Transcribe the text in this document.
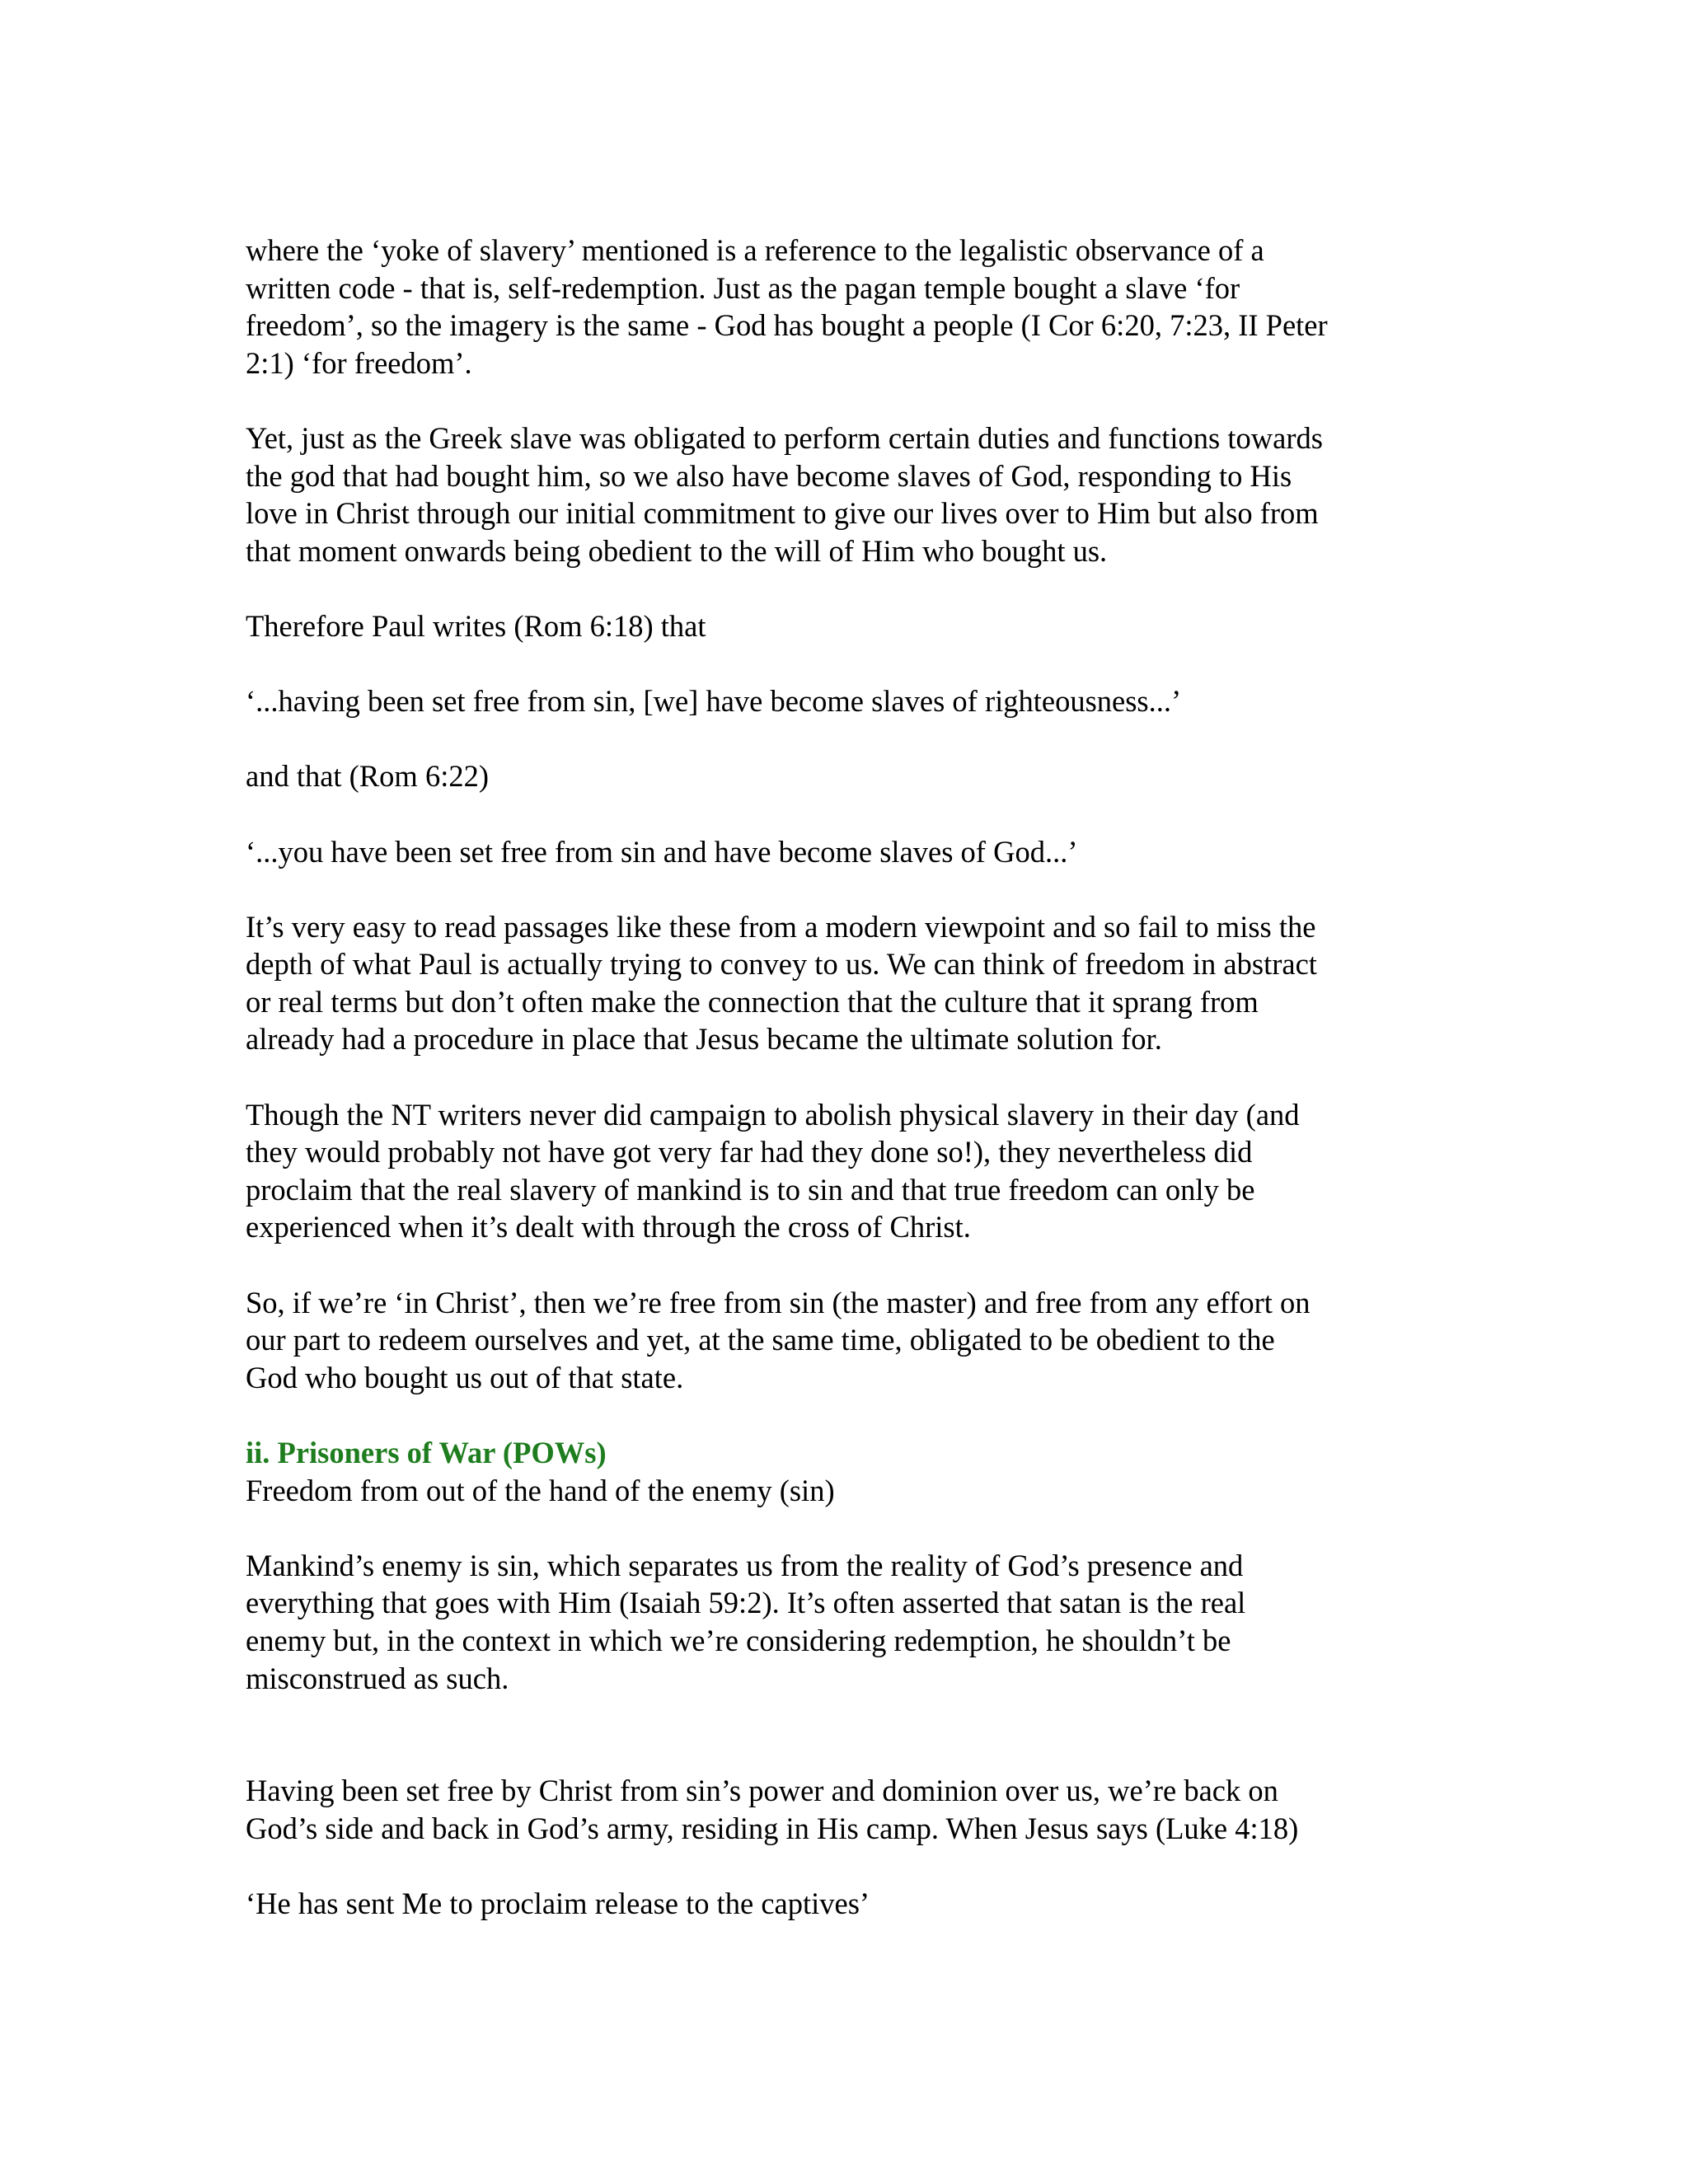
where the ‘yoke of slavery’ mentioned is a reference to the legalistic observance of a
written code - that is, self-redemption. Just as the pagan temple bought a slave ‘for
freedom’, so the imagery is the same - God has bought a people (I Cor 6:20, 7:23, II Peter
2:1) ‘for freedom’.

Yet, just as the Greek slave was obligated to perform certain duties and functions towards
the god that had bought him, so we also have become slaves of God, responding to His
love in Christ through our initial commitment to give our lives over to Him but also from
that moment onwards being obedient to the will of Him who bought us.

Therefore Paul writes (Rom 6:18) that

‘...having been set free from sin, [we] have become slaves of righteousness...’

and that (Rom 6:22)

‘...you have been set free from sin and have become slaves of God...’

It’s very easy to read passages like these from a modern viewpoint and so fail to miss the
depth of what Paul is actually trying to convey to us. We can think of freedom in abstract
or real terms but don’t often make the connection that the culture that it sprang from
already had a procedure in place that Jesus became the ultimate solution for.

Though the NT writers never did campaign to abolish physical slavery in their day (and
they would probably not have got very far had they done so!), they nevertheless did
proclaim that the real slavery of mankind is to sin and that true freedom can only be
experienced when it’s dealt with through the cross of Christ.

So, if we’re ‘in Christ’, then we’re free from sin (the master) and free from any effort on
our part to redeem ourselves and yet, at the same time, obligated to be obedient to the
God who bought us out of that state.

ii. Prisoners of War (POWs)

Freedom from out of the hand of the enemy (sin)

Mankind’s enemy is sin, which separates us from the reality of God’s presence and
everything that goes with Him (Isaiah 59:2). It’s often asserted that satan is the real
enemy but, in the context in which we’re considering redemption, he shouldn’t be
misconstrued as such.

Having been set free by Christ from sin’s power and dominion over us, we’re back on
God’s side and back in God’s army, residing in His camp. When Jesus says (Luke 4:18)

‘He has sent Me to proclaim release to the captives’
